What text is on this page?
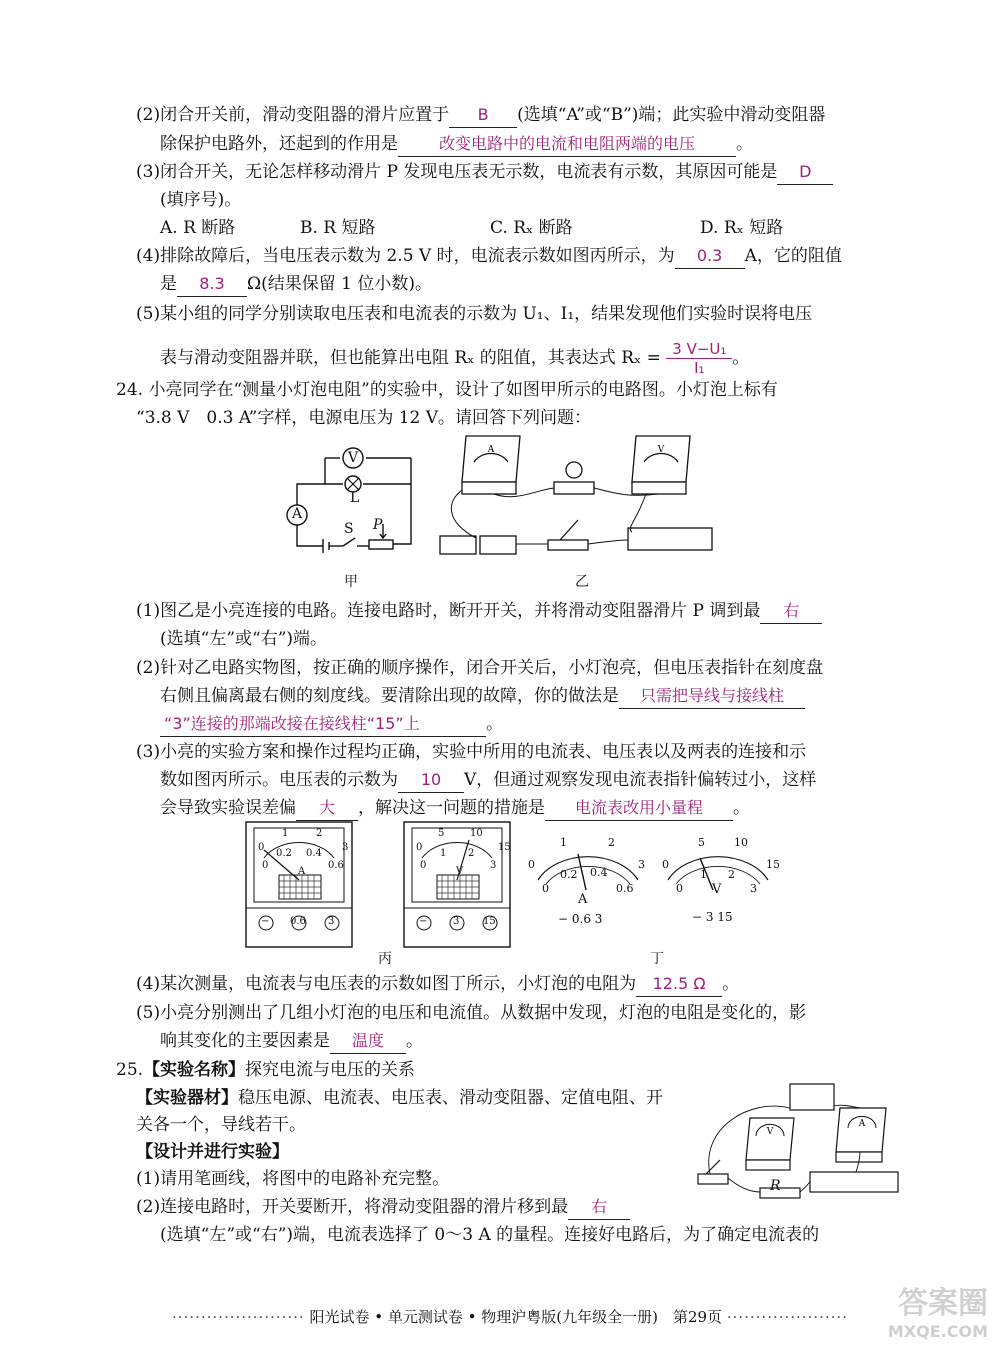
(2)闭合开关前，滑动变阻器的滑片应置于 B (选填“A”或“B”)端；此实验中滑动变阻器
除保护电路外，还起到的作用是	改变电路中的电流和电阻两端的电压 。
(3)闭合开关，无论怎样移动滑片 P 发现电压表无示数，电流表有示数，其原因可能是 D
(填序号)。
A. R 断路	B. R 短路	C. Rₓ 断路	D. Rₓ 短路
(4)排除故障后，当电压表示数为 2.5 V 时，电流表示数如图丙所示，为 0.3 A，它的阻值
是 8.3 Ω(结果保留 1 位小数)。
(5)某小组的同学分别读取电压表和电流表的示数为 U₁、I₁，结果发现他们实验时误将电压
表与滑动变阻器并联，但也能算出电阻 Rₓ 的阻值，其表达式 $R_x = \frac{\text{3 V−U₁}}{\text{I₁}}$ 。
24. 小亮同学在“测量小灯泡电阻”的实验中，设计了如图甲所示的电路图。小灯泡上标有
“3.8 V　0.3 A”字样，电源电压为 12 V。请回答下列问题：
V
A
L
S P
甲
A	V
乙
(1)图乙是小亮连接的电路。连接电路时，断开开关，并将滑动变阻器滑片 P 调到最 右
(选填“左”或“右”)端。
(2)针对乙电路实物图，按正确的顺序操作，闭合开关后，小灯泡亮，但电压表指针在刻度盘
右侧且偏离最右侧的刻度线。要清除出现的故障，你的做法是 只需把导线与接线柱
“3”连接的那端改接在接线柱“15”上	。
(3)小亮的实验方案和操作过程均正确，实验中所用的电流表、电压表以及两表的连接和示
数如图丙所示。电压表的示数为 10 V，但通过观察发现电流表指针偏转过小，这样
会导致实验误差偏 大 ，解决这一问题的措施是 电流表改用小量程 。
0
1	2
3
0
0.2 0.4
0.6
A
0
5	10
15
0
1 2
3
V
− 0.6 3	−	3 15
丙
0
1	2
3
0
0.2 0.4
0.6
A
− 0.6 3
0
5	10
15
0
1 2
3
V
− 3 15
丁
(4)某次测量，电流表与电压表的示数如图丁所示，小灯泡的电阻为 12.5 Ω 。
(5)小亮分别测出了几组小灯泡的电压和电流值。从数据中发现，灯泡的电阻是变化的，影
响其变化的主要因素是 温度 。
25.【实验名称】探究电流与电压的关系
【实验器材】稳压电源、电流表、电压表、滑动变阻器、定值电阻、开
关各一个，导线若干。
【设计并进行实验】
(1)请用笔画线，将图中的电路补充完整。
(2)连接电路时，开关要断开，将滑动变阻器的滑片移到最 右
(选填“左”或“右”)端，电流表选择了 0～3 A 的量程。连接好电路后，为了确定电流表的
V
A
R
······················· 阳光试卷 • 单元测试卷 • 物理沪粤版(九年级全一册)　第29页 ·····················	答案圈
MXQE.COM
